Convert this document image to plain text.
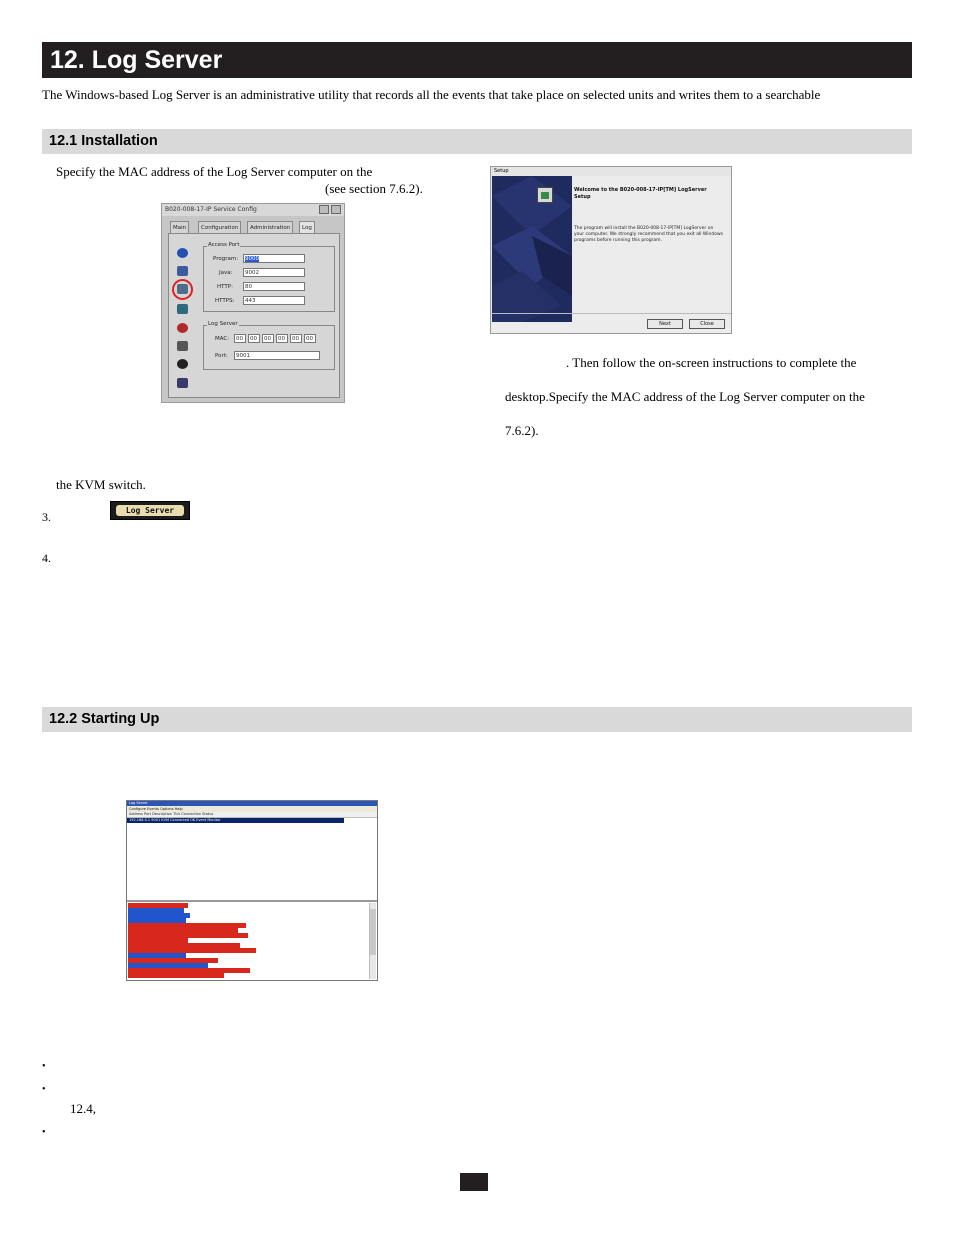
12. Log Server
The Windows-based Log Server is an administrative utility that records all the events that take place on selected units and writes them to a searchable
12.1 Installation
Specify the MAC address of the Log Server computer on the
(see section 7.6.2).
B020-008-17-IP Service Config
Main	Configuration	Administration	Log
Access Port
Program:	9000
Java:	9002
HTTP:	80
HTTPS:	443
Log Server
MAC:	00	00	00	00	00	00
Port:	9001
Setup
Welcome to the B020-008-17-IP[TM] LogServer Setup
The program will install the B020-008-17-IP[TM] LogServer on your computer. We strongly recommend that you exit all Windows programs before running this program.
Next	Close
. Then follow the on-screen instructions to complete the
desktop.Specify the MAC address of the Log Server computer on the
7.6.2).
the KVM switch.
3.	Log Server
4.
12.2 Starting Up
Log Server
Configure Events Options Help
Address Port Description Tick Connection Status
192.168.0.1 9001 KVM Connected OK Event Monitor
•
•
12.4,
•
